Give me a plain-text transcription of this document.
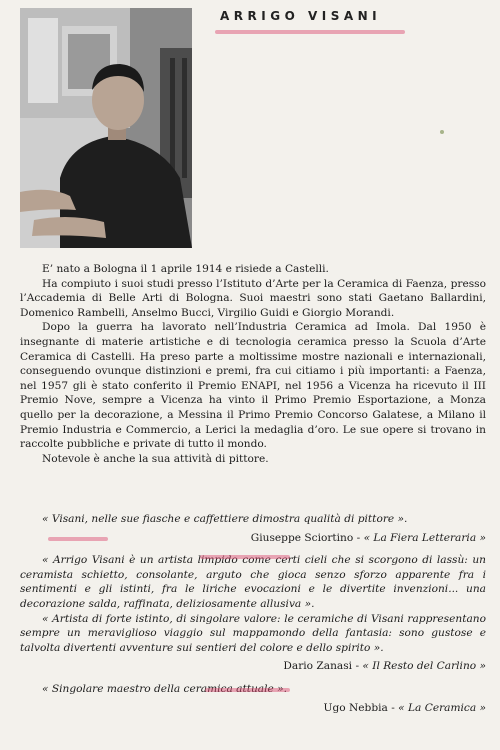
ARRIGO VISANI

E’ nato a Bologna il 1 aprile 1914 e risiede a Castelli.

Ha compiuto i suoi studi presso l’Istituto d’Arte per la Ceramica di Faenza, presso l’Accademia di Belle Arti di Bologna. Suoi maestri sono stati Gaetano Ballardini, Domenico Rambelli, Anselmo Bucci, Virgilio Guidi e Giorgio Morandi.

Dopo la guerra ha lavorato nell’Industria Ceramica ad Imola. Dal 1950 è insegnante di materie artistiche e di tecnologia ceramica presso la Scuola d’Arte Ceramica di Castelli. Ha preso parte a moltissime mostre nazionali e internazionali, conseguendo ovunque distinzioni e premi, fra cui citiamo i più importanti: a Faenza, nel 1957 gli è stato conferito il Premio ENAPI, nel 1956 a Vicenza ha ricevuto il III Premio Nove, sempre a Vicenza ha vinto il Primo Premio Esportazione, a Monza quello per la decorazione, a Messina il Primo Premio Concorso Galatese, a Milano il Premio Industria e Commercio, a Lerici la medaglia d’oro. Le sue opere si trovano in raccolte pubbliche e private di tutto il mondo.

Notevole è anche la sua attività di pittore.

« Visani, nelle sue fiasche e caffettiere dimostra qualità di pittore ».

Giuseppe Sciortino - « La Fiera Letteraria »

« Arrigo Visani è un artista limpido come certi cieli che si scorgono di lassù: un ceramista schietto, consolante, arguto che gioca senzo sforzo apparente fra i sentimenti e gli istinti, fra le liriche evocazioni e le divertite invenzioni... una decorazione salda, raffinata, deliziosamente allusiva ».

« Artista di forte istinto, di singolare valore: le ceramiche di Visani rappresentano sempre un meraviglioso viaggio sul mappamondo della fantasia: sono gustose e talvolta divertenti avventure sui sentieri del colore e dello spirito ».

Dario Zanasi - « Il Resto del Carlino »

« Singolare maestro della ceramica attuale ».

Ugo Nebbia - « La Ceramica »
